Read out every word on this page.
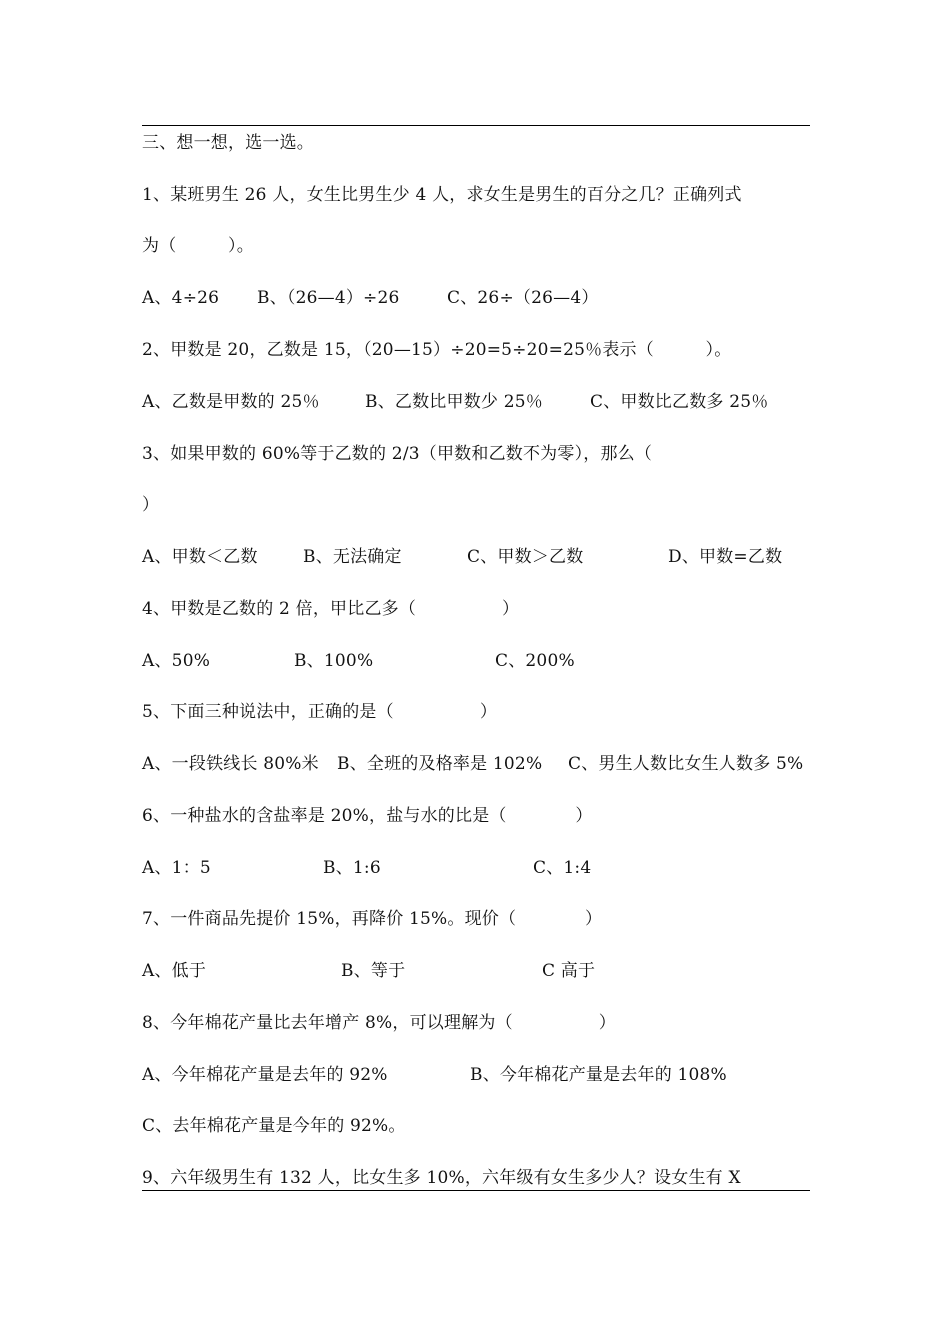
三、想一想，选一选。
1、某班男生 26 人，女生比男生少 4 人，求女生是男生的百分之几？正确列式
为（　　　）。
A、4÷26 B、（26—4）÷26	C、26÷（26—4）
2、甲数是 20，乙数是 15，（20—15）÷20=5÷20=25％表示（　　　）。
A、乙数是甲数的 25％	B、乙数比甲数少 25％	C、甲数比乙数多 25％
3、如果甲数的 60%等于乙数的 2/3（甲数和乙数不为零），那么（
）
A、甲数＜乙数	B、无法确定	C、甲数＞乙数	D、甲数=乙数
4、甲数是乙数的 2 倍，甲比乙多（　　　　　）
A、50%	B、100%	C、200%
5、下面三种说法中，正确的是（　　　　　）
A、一段铁线长 80%米 B、全班的及格率是 102% C、男生人数比女生人数多 5%
6、一种盐水的含盐率是 20%，盐与水的比是（　　　　）
A、1：5	B、1:6	C、1:4
7、一件商品先提价 15%，再降价 15%。现价（　　　　）
A、低于	B、等于	C 高于
8、今年棉花产量比去年增产 8%，可以理解为（　　　　　）
A、今年棉花产量是去年的 92%	B、今年棉花产量是去年的 108%
C、去年棉花产量是今年的 92%。
9、六年级男生有 132 人，比女生多 10%，六年级有女生多少人？设女生有 X
